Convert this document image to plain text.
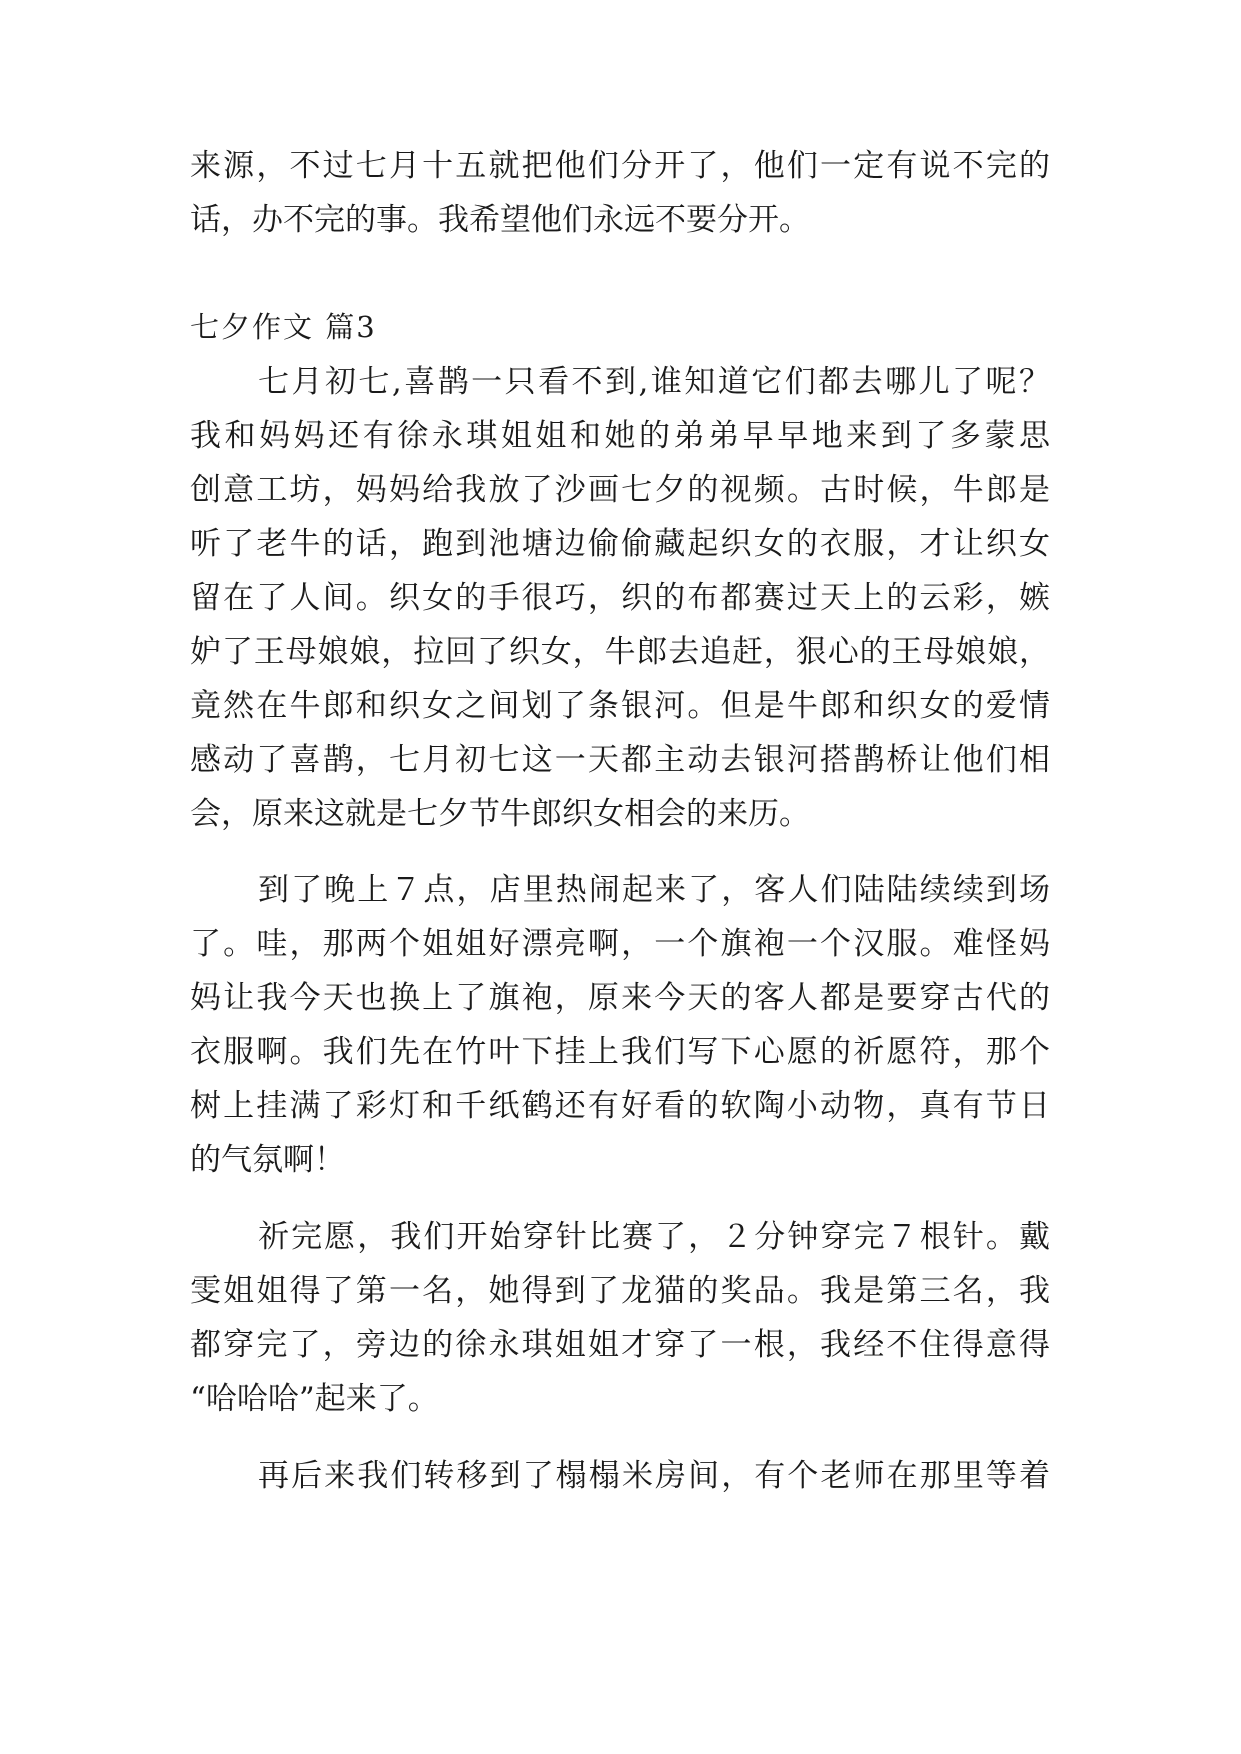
来源，不过七月十五就把他们分开了，他们一定有说不完的
话，办不完的事。我希望他们永远不要分开。
七夕作文 篇3
七月初七,喜鹊一只看不到,谁知道它们都去哪儿了呢？
我和妈妈还有徐永琪姐姐和她的弟弟早早地来到了多蒙思
创意工坊，妈妈给我放了沙画七夕的视频。古时候，牛郎是
听了老牛的话，跑到池塘边偷偷藏起织女的衣服，才让织女
留在了人间。织女的手很巧，织的布都赛过天上的云彩，嫉
妒了王母娘娘，拉回了织女，牛郎去追赶，狠心的王母娘娘，
竟然在牛郎和织女之间划了条银河。但是牛郎和织女的爱情
感动了喜鹊，七月初七这一天都主动去银河搭鹊桥让他们相
会，原来这就是七夕节牛郎织女相会的来历。
到了晚上７点，店里热闹起来了，客人们陆陆续续到场
了。哇，那两个姐姐好漂亮啊，一个旗袍一个汉服。难怪妈
妈让我今天也换上了旗袍，原来今天的客人都是要穿古代的
衣服啊。我们先在竹叶下挂上我们写下心愿的祈愿符，那个
树上挂满了彩灯和千纸鹤还有好看的软陶小动物，真有节日
的气氛啊！
祈完愿，我们开始穿针比赛了，２分钟穿完７根针。戴
雯姐姐得了第一名，她得到了龙猫的奖品。我是第三名，我
都穿完了，旁边的徐永琪姐姐才穿了一根，我经不住得意得
“哈哈哈”起来了。
再后来我们转移到了榻榻米房间，有个老师在那里等着
